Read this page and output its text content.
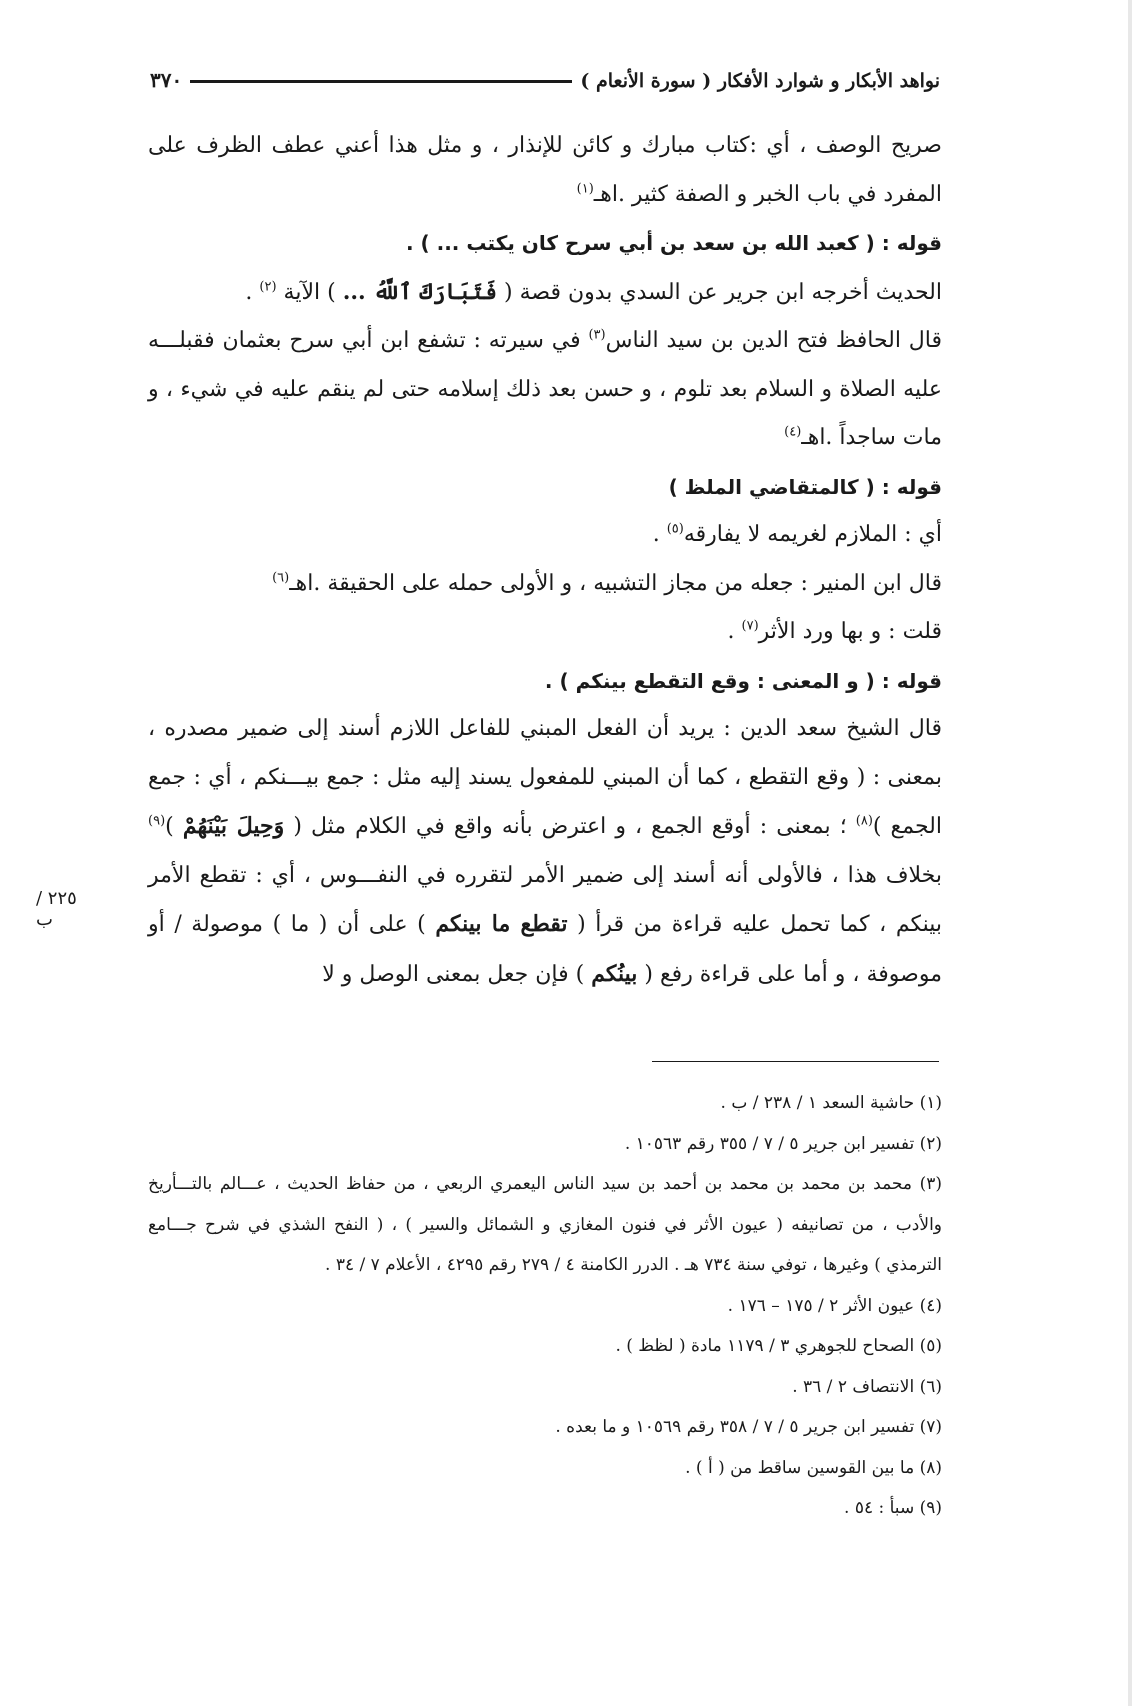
نواهد الأبكار و شوارد الأفكار ( سورة الأنعام )
٣٧٠

صريح الوصف ، أي :كتاب مبارك و كائن للإنذار ، و مثل هذا أعني عطف الظرف على المفرد في باب الخبر و الصفة كثير .اهـ$^{(١)}$

قوله : ( كعبد الله بن سعد بن أبي سرح كان يكتب ... ) .

الحديث أخرجه ابن جرير عن السدي بدون قصة ( فَتَبَارَكَ ٱللَّهُ ... ) الآية $^{(٢)}$ .

قال الحافظ فتح الدين بن سيد الناس$^{(٣)}$ في سيرته : تشفع ابن أبي سرح بعثمان فقبلـــه عليه الصلاة و السلام بعد تلوم ، و حسن بعد ذلك إسلامه حتى لم ينقم عليه في شيء ، و مات ساجداً .اهـ$^{(٤)}$

قوله : ( كالمتقاضي الملظ )

أي : الملازم لغريمه لا يفارقه$^{(٥)}$ .

قال ابن المنير : جعله من مجاز التشبيه ، و الأولى حمله على الحقيقة .اهـ$^{(٦)}$

قلت : و بها ورد الأثر$^{(٧)}$ .

قوله : ( و المعنى : وقع التقطع بينكم ) .

قال الشيخ سعد الدين : يريد أن الفعل المبني للفاعل اللازم أسند إلى ضمير مصدره ، بمعنى : ( وقع التقطع ، كما أن المبني للمفعول يسند إليه مثل : جمع بيـــنكم ، أي : جمع الجمع )$^{(٨)}$ ؛ بمعنى : أوقع الجمع ، و اعترض بأنه واقع في الكلام مثل ( وَحِيلَ بَيْنَهُمْ )$^{(٩)}$ بخلاف هذا ، فالأولى أنه أسند إلى ضمير الأمر لتقرره في النفـــوس ، أي : تقطع الأمر بينكم ، كما تحمل عليه قراءة من قرأ ( تقطع ما بينكم ) على أن ( ما ) موصولة / أو موصوفة ، و أما على قراءة رفع ( بينُكم ) فإن جعل بمعنى الوصل و لا

٢٢٥ / ب

(١) حاشية السعد ١ / ٢٣٨ / ب .

(٢) تفسير ابن جرير ٥ / ٧ / ٣٥٥ رقم ١٠٥٦٣ .

(٣) محمد بن محمد بن محمد بن أحمد بن سيد الناس اليعمري الربعي ، من حفاظ الحديث ، عـــالم بالتـــأريخ والأدب ، من تصانيفه ( عيون الأثر في فنون المغازي و الشمائل والسير ) ، ( النفح الشذي في شرح جـــامع الترمذي ) وغيرها ، توفي سنة ٧٣٤ هـ . الدرر الكامنة ٤ / ٢٧٩ رقم ٤٢٩٥ ، الأعلام ٧ / ٣٤ .

(٤) عيون الأثر ٢ / ١٧٥ – ١٧٦ .

(٥) الصحاح للجوهري ٣ / ١١٧٩ مادة ( لظظ ) .

(٦) الانتصاف ٢ / ٣٦ .

(٧) تفسير ابن جرير ٥ / ٧ / ٣٥٨ رقم ١٠٥٦٩ و ما بعده .

(٨) ما بين القوسين ساقط من ( أ ) .

(٩) سبأ : ٥٤ .
